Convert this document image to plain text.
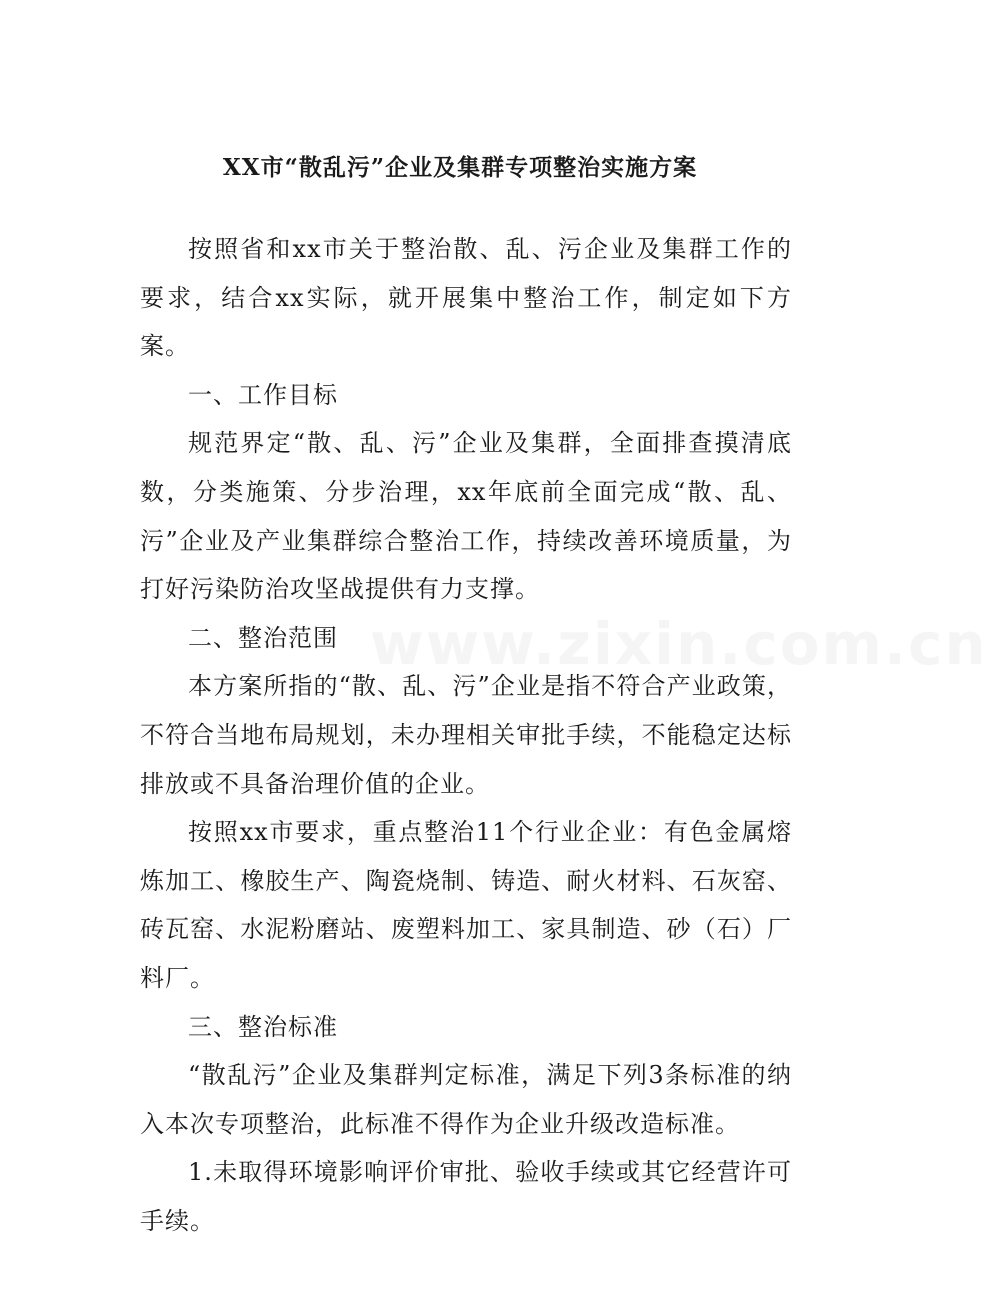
XX市“散乱污”企业及集群专项整治实施方案

按照省和xx市关于整治散、乱、污企业及集群工作的要求，结合xx实际，就开展集中整治工作，制定如下方案。

一、工作目标

规范界定“散、乱、污”企业及集群，全面排查摸清底数，分类施策、分步治理，xx年底前全面完成“散、乱、污”企业及产业集群综合整治工作，持续改善环境质量，为打好污染防治攻坚战提供有力支撑。

二、整治范围

本方案所指的“散、乱、污”企业是指不符合产业政策，不符合当地布局规划，未办理相关审批手续，不能稳定达标排放或不具备治理价值的企业。

按照xx市要求，重点整治11个行业企业：有色金属熔炼加工、橡胶生产、陶瓷烧制、铸造、耐火材料、石灰窑、砖瓦窑、水泥粉磨站、废塑料加工、家具制造、砂（石）厂料厂。

三、整治标准

“散乱污”企业及集群判定标准，满足下列3条标准的纳入本次专项整治，此标准不得作为企业升级改造标准。

1.未取得环境影响评价审批、验收手续或其它经营许可手续。

www.zixin.com.cn
